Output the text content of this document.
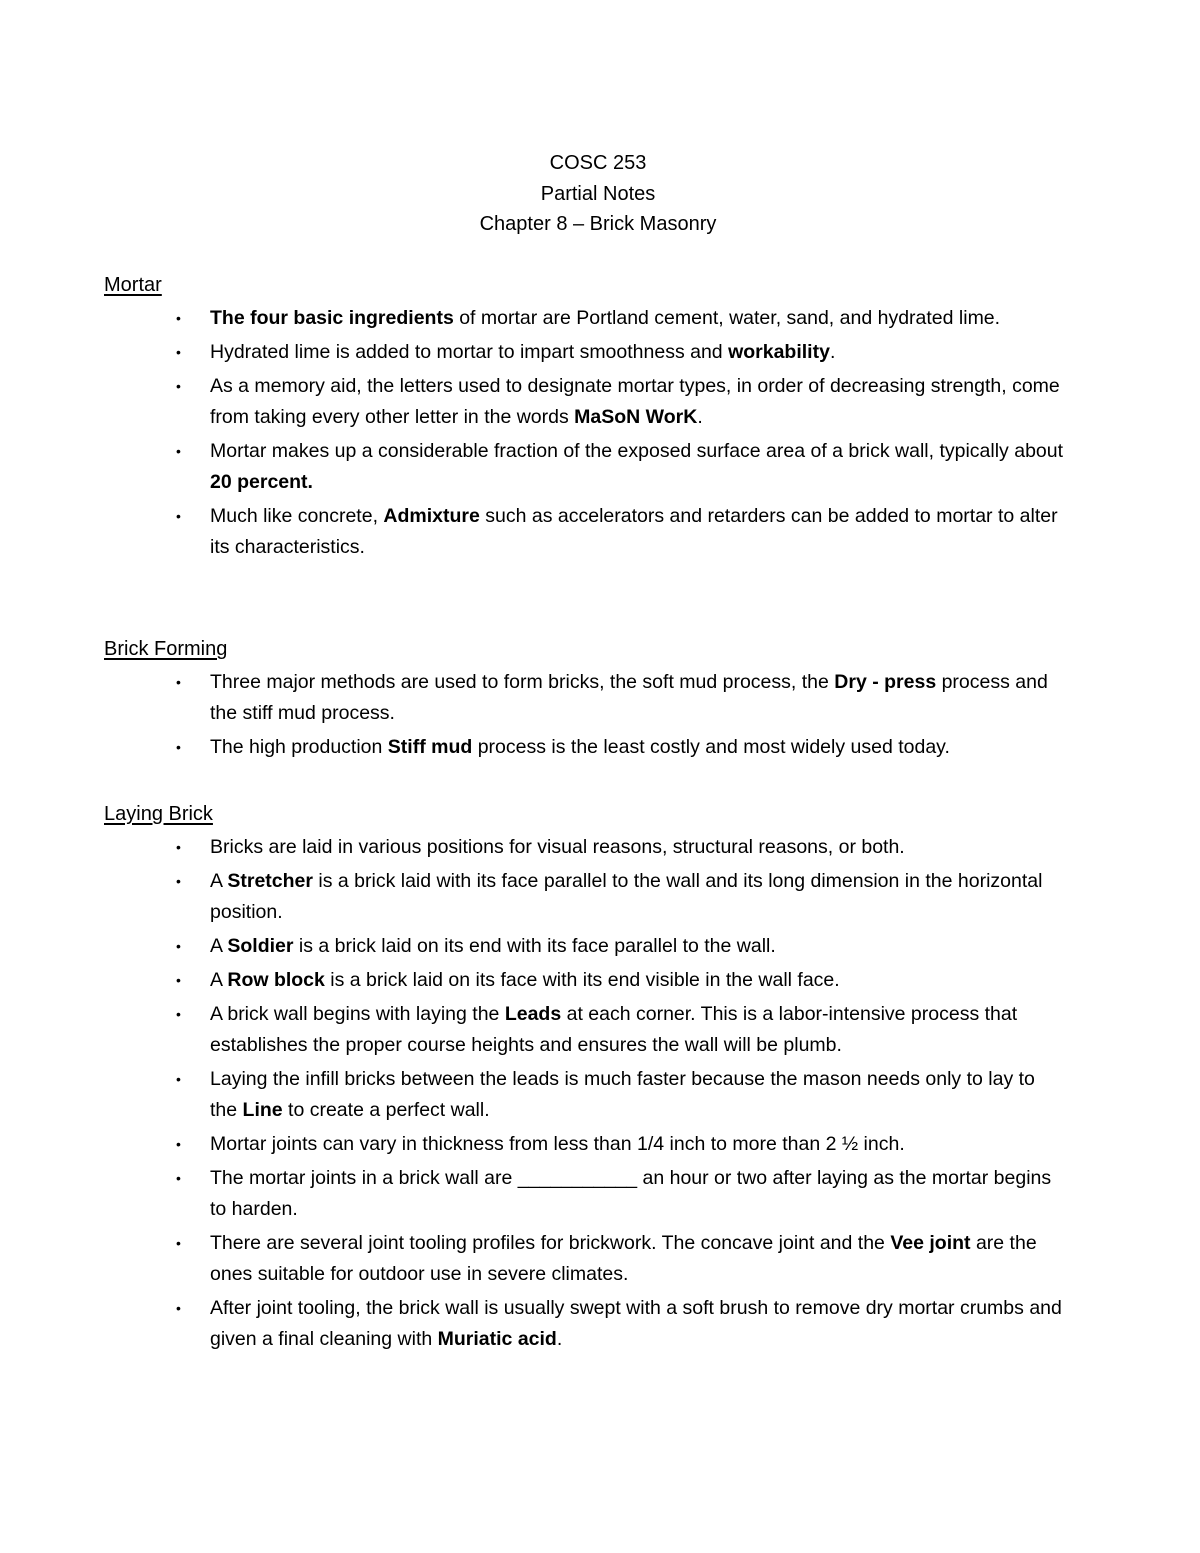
COSC 253
Partial Notes
Chapter 8 – Brick Masonry
Mortar
• The four basic ingredients of mortar are Portland cement, water, sand, and hydrated lime.
• Hydrated lime is added to mortar to impart smoothness and workability.
• As a memory aid, the letters used to designate mortar types, in order of decreasing strength, come from taking every other letter in the words MaSoN WorK.
• Mortar makes up a considerable fraction of the exposed surface area of a brick wall, typically about 20 percent.
• Much like concrete, Admixture such as accelerators and retarders can be added to mortar to alter its characteristics.
Brick Forming
• Three major methods are used to form bricks, the soft mud process, the Dry - press process and the stiff mud process.
• The high production Stiff mud process is the least costly and most widely used today.
Laying Brick
• Bricks are laid in various positions for visual reasons, structural reasons, or both.
• A Stretcher is a brick laid with its face parallel to the wall and its long dimension in the horizontal position.
• A Soldier is a brick laid on its end with its face parallel to the wall.
• A Row block is a brick laid on its face with its end visible in the wall face.
• A brick wall begins with laying the Leads at each corner. This is a labor-intensive process that establishes the proper course heights and ensures the wall will be plumb.
• Laying the infill bricks between the leads is much faster because the mason needs only to lay to the Line to create a perfect wall.
• Mortar joints can vary in thickness from less than 1/4 inch to more than 2 ½ inch.
• The mortar joints in a brick wall are ___________ an hour or two after laying as the mortar begins to harden.
• There are several joint tooling profiles for brickwork. The concave joint and the Vee joint are the ones suitable for outdoor use in severe climates.
• After joint tooling, the brick wall is usually swept with a soft brush to remove dry mortar crumbs and given a final cleaning with Muriatic acid.
